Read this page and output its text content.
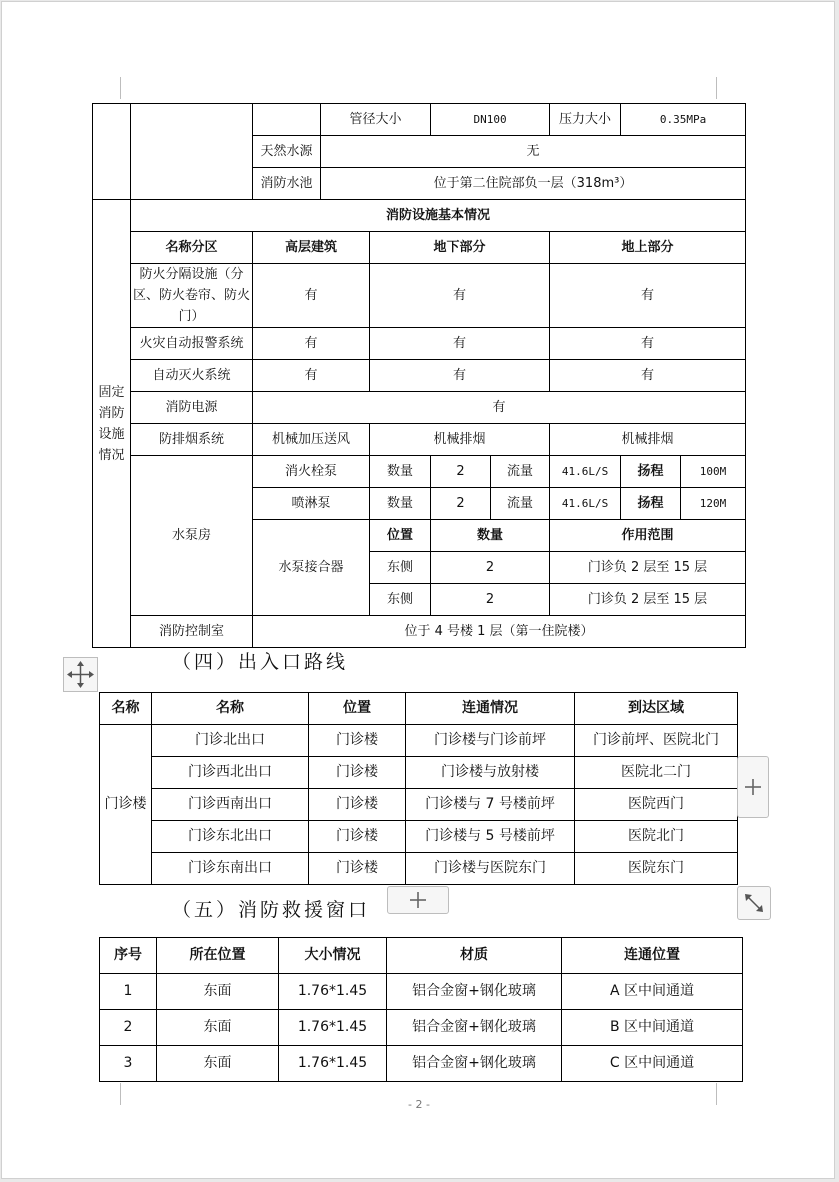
			管径大小		DN100		压力大小	0.35MPa	
		天然水源	无						
		消防水池	位于第二住院部负一层（318m³）						
固定消防设施情况	消防设施基本情况								
	名称分区	高层建筑		地下部分			地上部分		
	防火分隔设施（分区、防火卷帘、防火门）	有		有			有		
	火灾自动报警系统	有		有			有		
	自动灭火系统	有		有			有		
	消防电源	有							
	防排烟系统	机械加压送风		机械排烟			机械排烟		
	水泵房	消火栓泵		数量	2	流量	41.6L/S	扬程	100M
		喷淋泵		数量	2	流量	41.6L/S	扬程	120M
		水泵接合器		位置	数量		作用范围		
				东侧	2		门诊负 2 层至 15 层		
				东侧	2		门诊负 2 层至 15 层		
	消防控制室	位于 4 号楼 1 层（第一住院楼）							
（四）出入口路线
名称	名称	位置	连通情况	到达区域
门诊楼	门诊北出口	门诊楼	门诊楼与门诊前坪	门诊前坪、医院北门
	门诊西北出口	门诊楼	门诊楼与放射楼	医院北二门
	门诊西南出口	门诊楼	门诊楼与 7 号楼前坪	医院西门
	门诊东北出口	门诊楼	门诊楼与 5 号楼前坪	医院北门
	门诊东南出口	门诊楼	门诊楼与医院东门	医院东门
（五）消防救援窗口
序号	所在位置	大小情况	材质	连通位置
1	东面	1.76*1.45	铝合金窗+钢化玻璃	A 区中间通道
2	东面	1.76*1.45	铝合金窗+钢化玻璃	B 区中间通道
3	东面	1.76*1.45	铝合金窗+钢化玻璃	C 区中间通道
- 2 -
